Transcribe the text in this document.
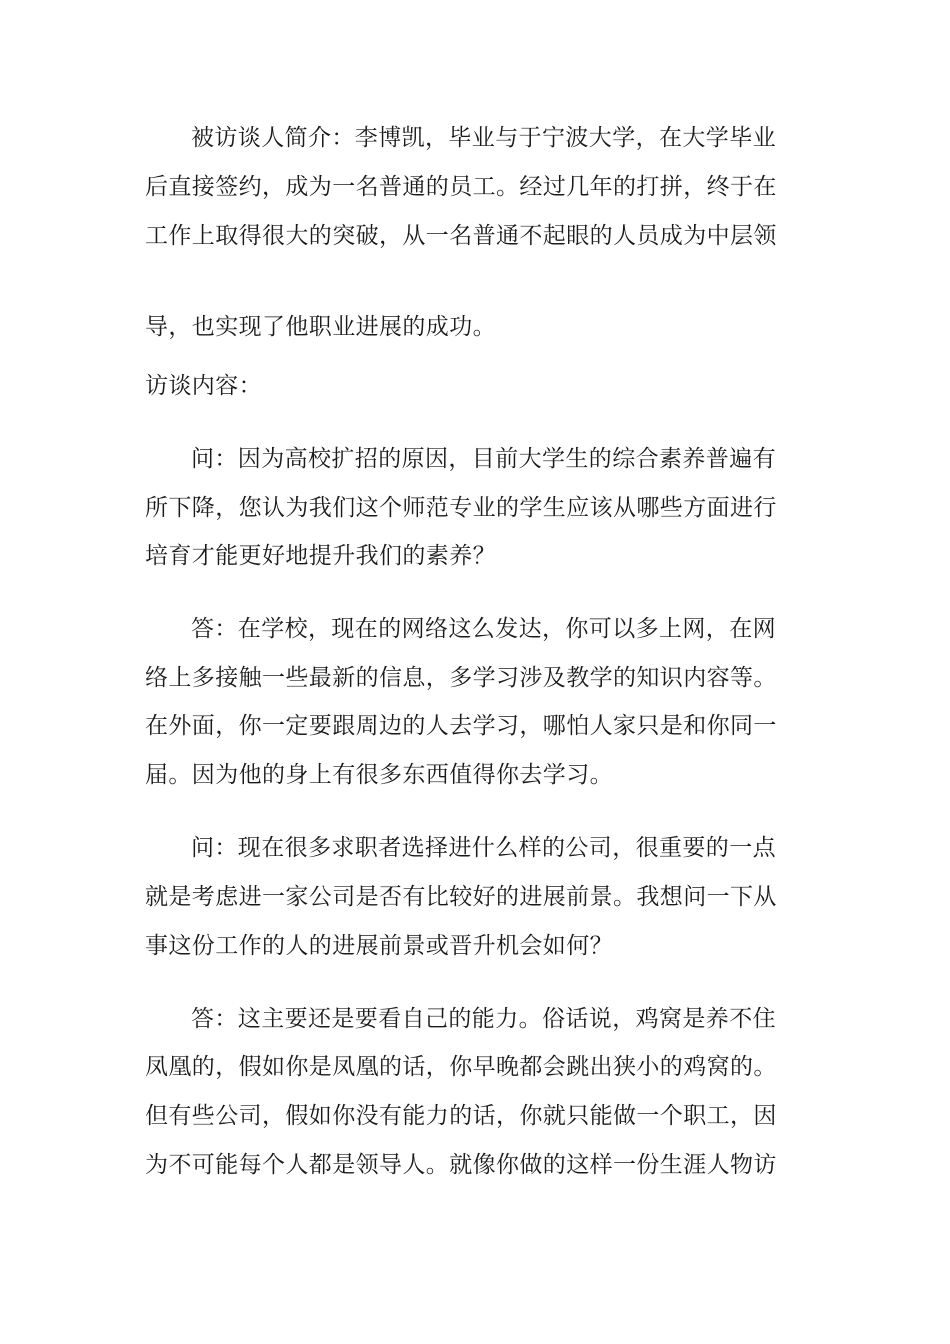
被访谈人简介：李博凯，毕业与于宁波大学，在大学毕业
后直接签约，成为一名普通的员工。经过几年的打拼，终于在
工作上取得很大的突破，从一名普通不起眼的人员成为中层领
导，也实现了他职业进展的成功。
访谈内容：
问：因为高校扩招的原因，目前大学生的综合素养普遍有
所下降，您认为我们这个师范专业的学生应该从哪些方面进行
培育才能更好地提升我们的素养？
答：在学校，现在的网络这么发达，你可以多上网，在网
络上多接触一些最新的信息，多学习涉及教学的知识内容等。
在外面，你一定要跟周边的人去学习，哪怕人家只是和你同一
届。因为他的身上有很多东西值得你去学习。
问：现在很多求职者选择进什么样的公司，很重要的一点
就是考虑进一家公司是否有比较好的进展前景。我想问一下从
事这份工作的人的进展前景或晋升机会如何？
答：这主要还是要看自己的能力。俗话说，鸡窝是养不住
凤凰的，假如你是凤凰的话，你早晚都会跳出狭小的鸡窝的。
但有些公司，假如你没有能力的话，你就只能做一个职工，因
为不可能每个人都是领导人。就像你做的这样一份生涯人物访
